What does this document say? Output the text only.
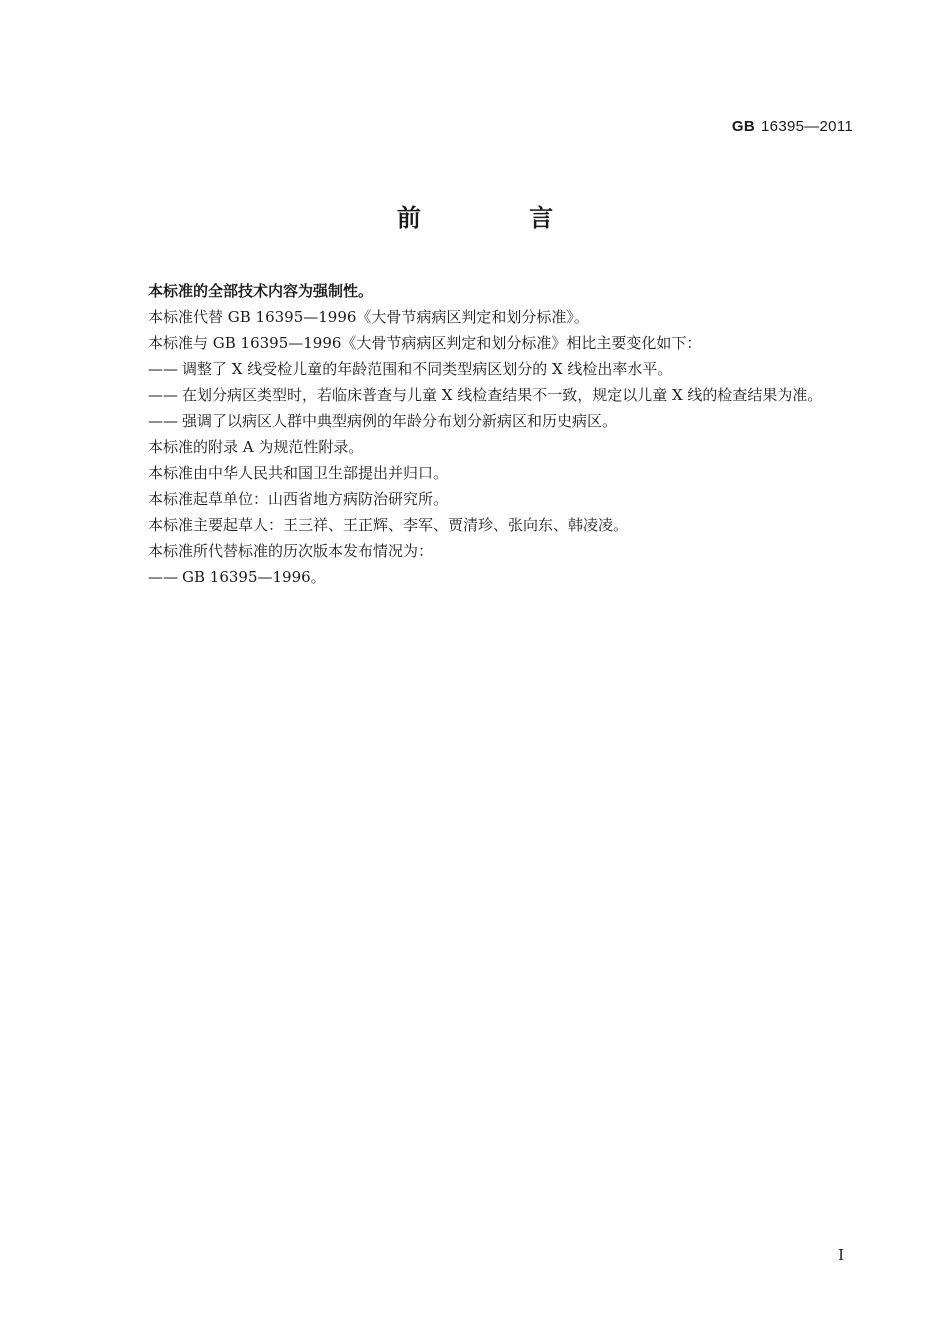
GB 16395—2011
前 言

本标准的全部技术内容为强制性。

本标准代替 GB 16395—1996《大骨节病病区判定和划分标准》。

本标准与 GB 16395—1996《大骨节病病区判定和划分标准》相比主要变化如下：

—— 调整了 X 线受检儿童的年龄范围和不同类型病区划分的 X 线检出率水平。

—— 在划分病区类型时，若临床普查与儿童 X 线检查结果不一致，规定以儿童 X 线的检查结果为准。

—— 强调了以病区人群中典型病例的年龄分布划分新病区和历史病区。

本标准的附录 A 为规范性附录。

本标准由中华人民共和国卫生部提出并归口。

本标准起草单位：山西省地方病防治研究所。

本标准主要起草人：王三祥、王正辉、李军、贾清珍、张向东、韩凌凌。

本标准所代替标准的历次版本发布情况为：

—— GB 16395—1996。

I
